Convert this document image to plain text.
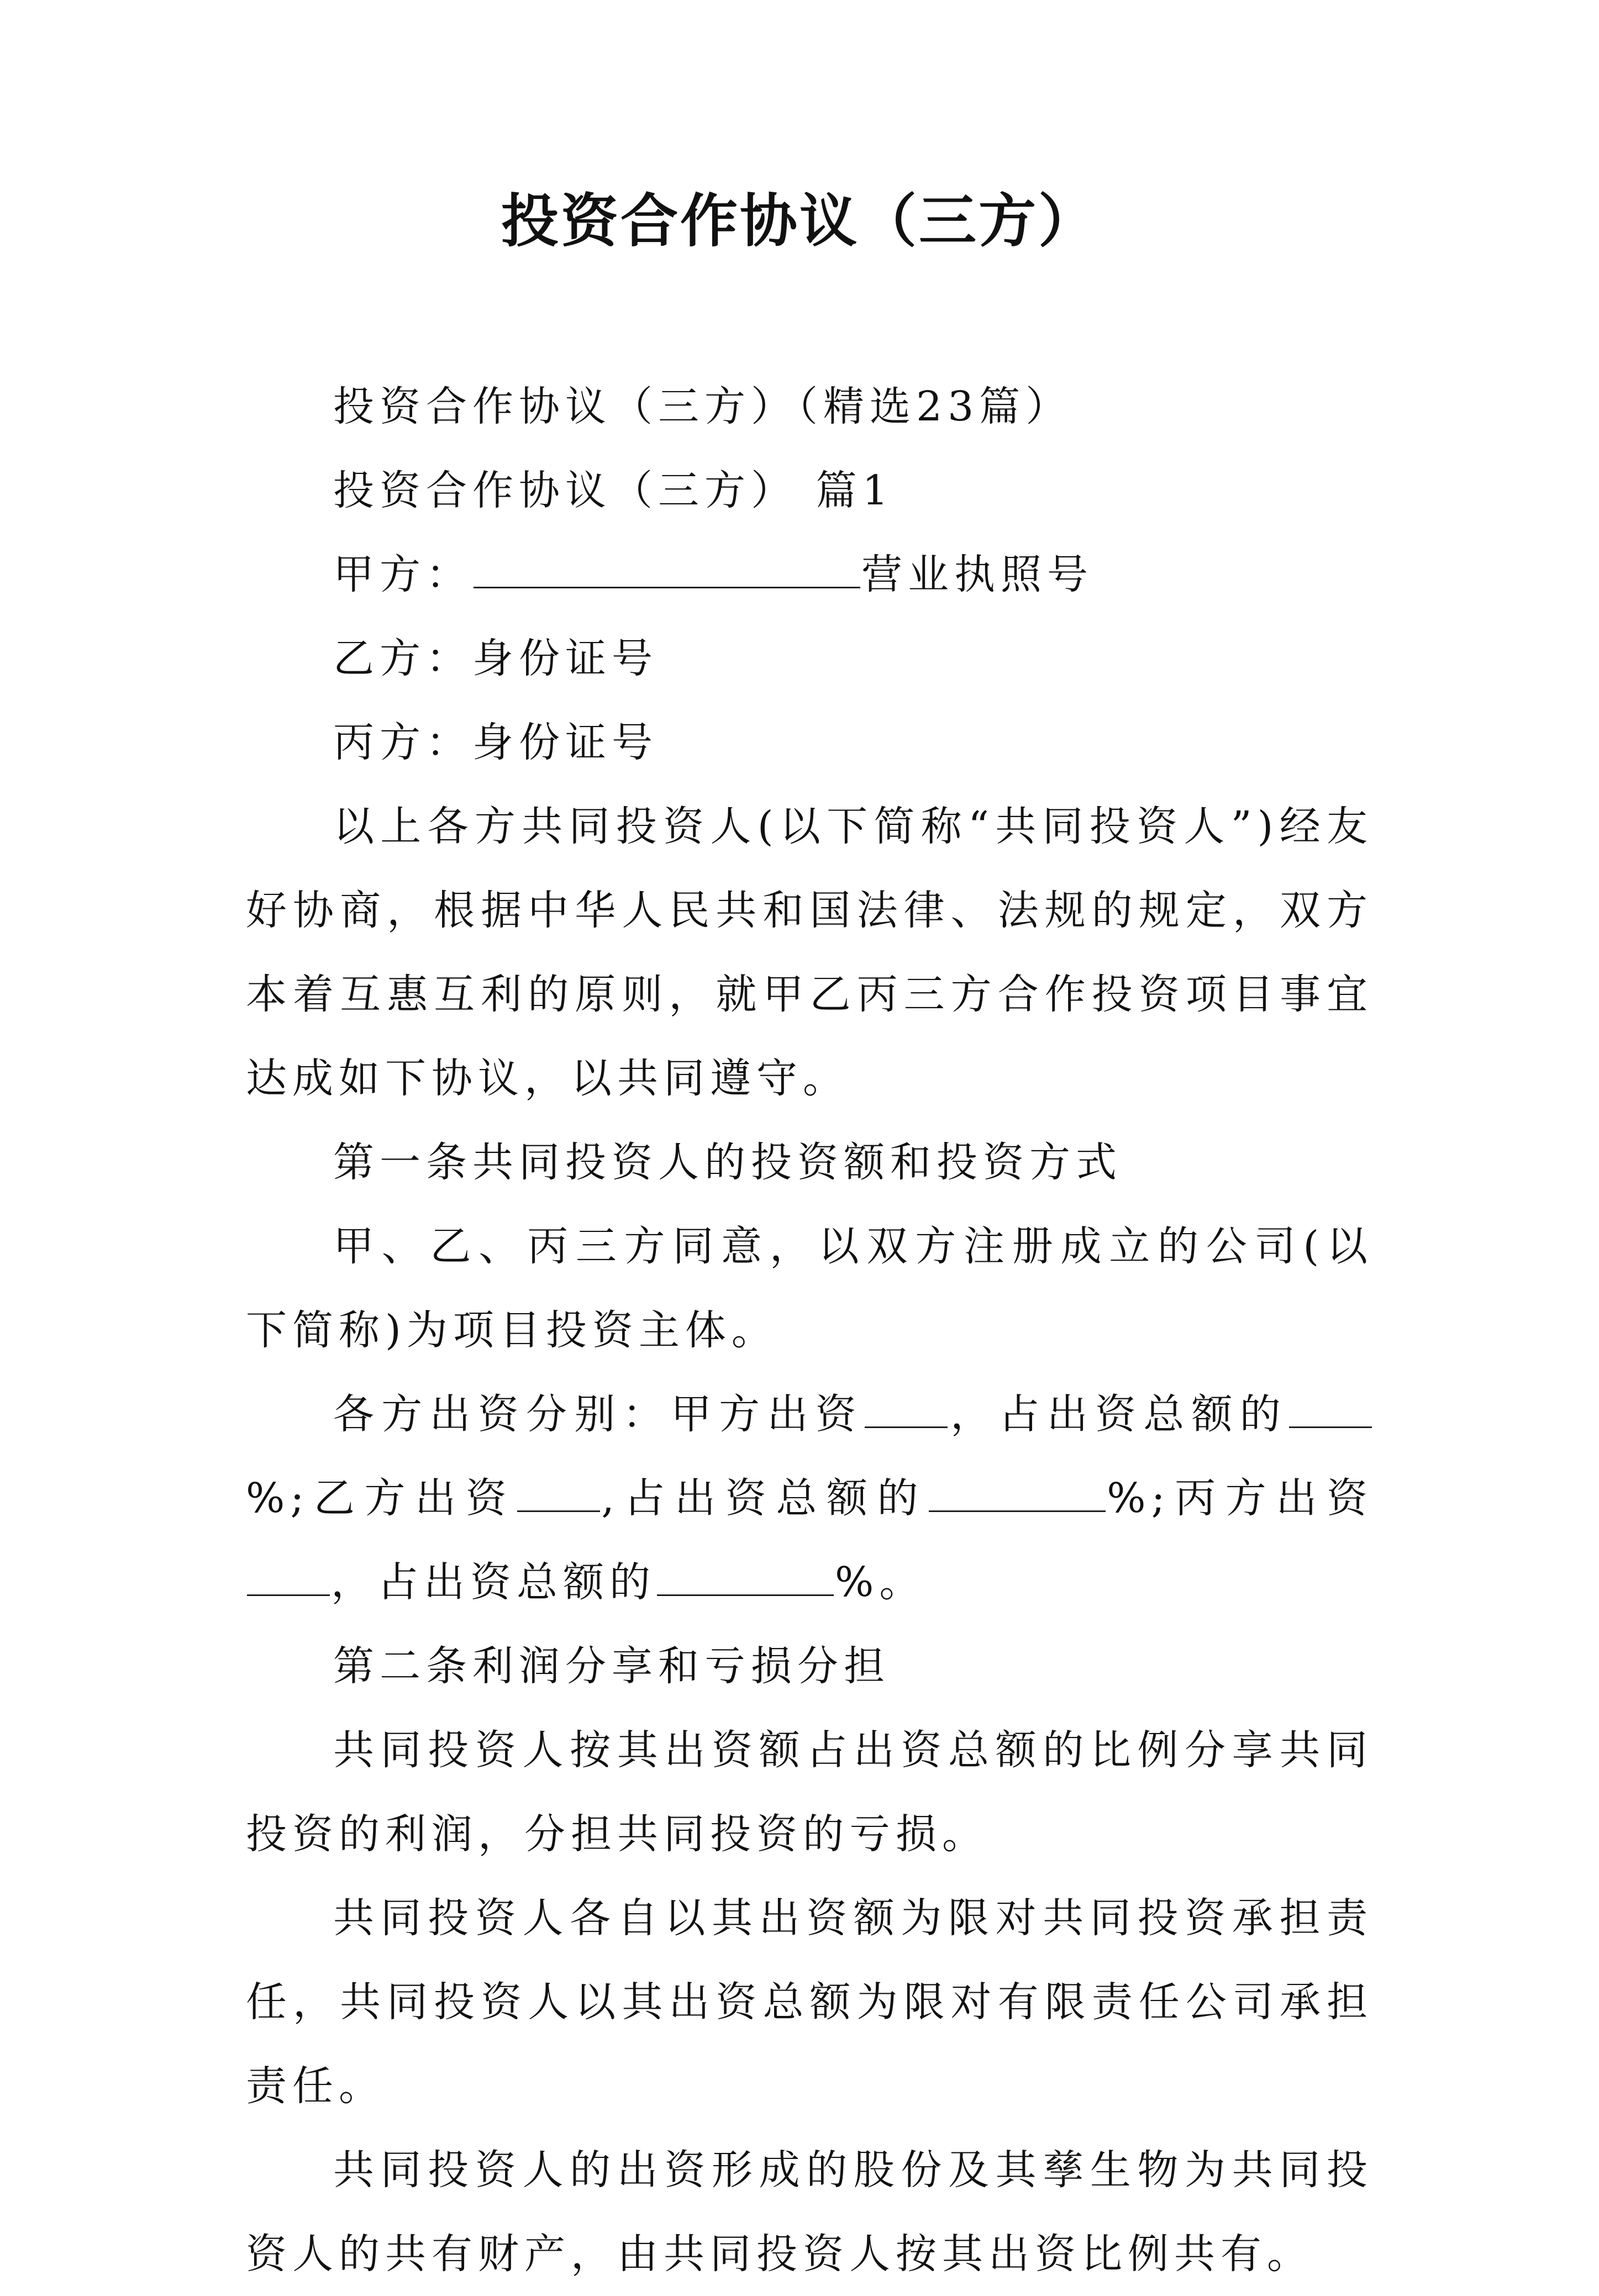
投资合作协议（三方）

投资合作协议（三方）（精选23篇）

投资合作协议（三方） 篇1

甲方：	营业执照号

乙方：身份证号

丙方：身份证号

以上各方共同投资人(以下简称“共同投资人”)经友好协商，根据中华人民共和国法律、法规的规定，双方本着互惠互利的原则，就甲乙丙三方合作投资项目事宜达成如下协议，以共同遵守。

第一条共同投资人的投资额和投资方式

甲、乙、丙三方同意，以双方注册成立的公司(以下简称)为项目投资主体。

各方出资分别：甲方出资 ，占出资总额的%;乙方出资 ,占出资总额的	%;丙方出资，占出资总额的	%。

第二条利润分享和亏损分担

共同投资人按其出资额占出资总额的比例分享共同投资的利润，分担共同投资的亏损。

共同投资人各自以其出资额为限对共同投资承担责任，共同投资人以其出资总额为限对有限责任公司承担责任。

共同投资人的出资形成的股份及其孳生物为共同投资人的共有财产，由共同投资人按其出资比例共有。
